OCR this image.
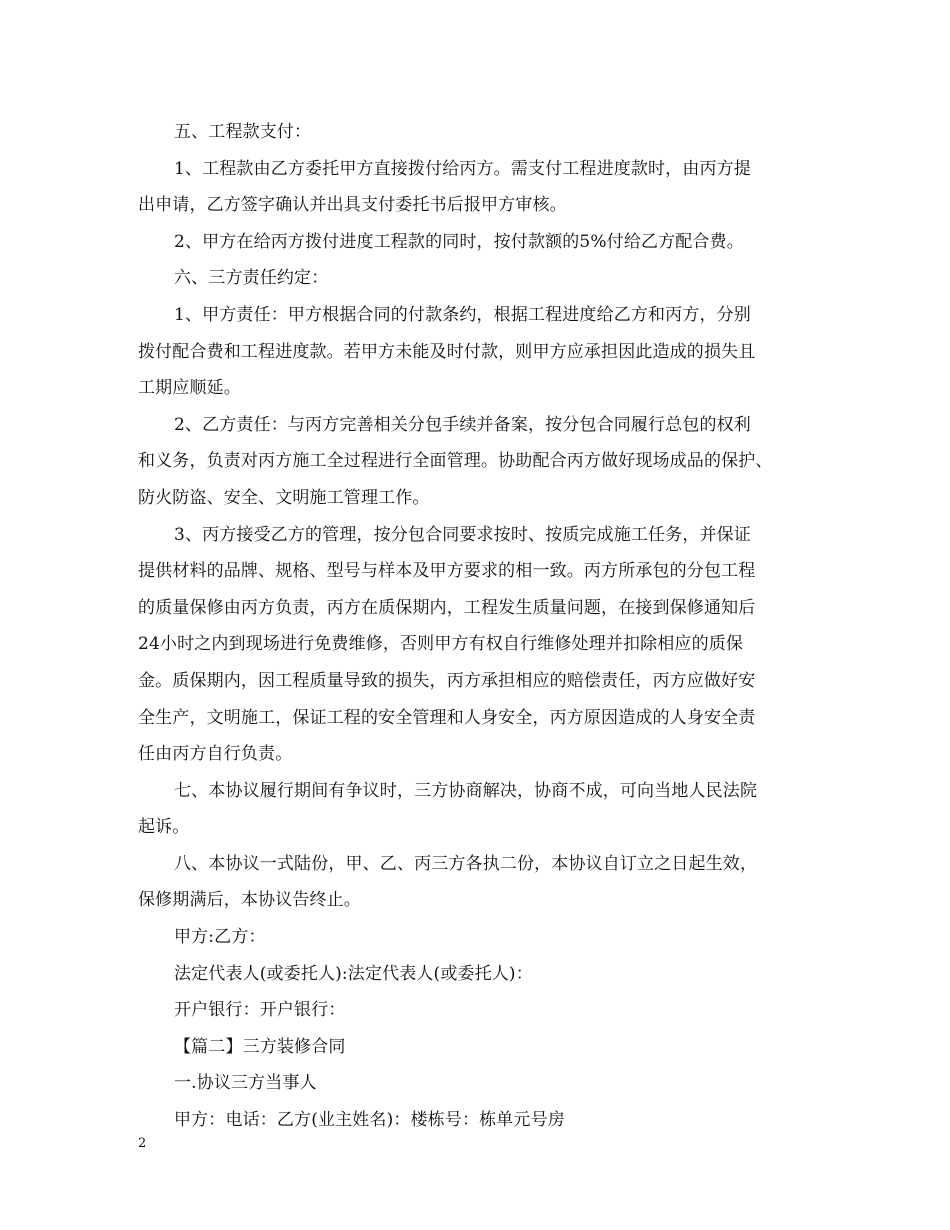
五、工程款支付：
1、工程款由乙方委托甲方直接拨付给丙方。需支付工程进度款时，由丙方提
出申请，乙方签字确认并出具支付委托书后报甲方审核。
2、甲方在给丙方拨付进度工程款的同时，按付款额的5%付给乙方配合费。
六、三方责任约定：
1、甲方责任：甲方根据合同的付款条约，根据工程进度给乙方和丙方，分别
拨付配合费和工程进度款。若甲方未能及时付款，则甲方应承担因此造成的损失且
工期应顺延。
2、乙方责任：与丙方完善相关分包手续并备案，按分包合同履行总包的权利
和义务，负责对丙方施工全过程进行全面管理。协助配合丙方做好现场成品的保护、
防火防盗、安全、文明施工管理工作。
3、丙方接受乙方的管理，按分包合同要求按时、按质完成施工任务，并保证
提供材料的品牌、规格、型号与样本及甲方要求的相一致。丙方所承包的分包工程
的质量保修由丙方负责，丙方在质保期内，工程发生质量问题，在接到保修通知后
24小时之内到现场进行免费维修，否则甲方有权自行维修处理并扣除相应的质保
金。质保期内，因工程质量导致的损失，丙方承担相应的赔偿责任，丙方应做好安
全生产，文明施工，保证工程的安全管理和人身安全，丙方原因造成的人身安全责
任由丙方自行负责。
七、本协议履行期间有争议时，三方协商解决，协商不成，可向当地人民法院
起诉。
八、本协议一式陆份，甲、乙、丙三方各执二份，本协议自订立之日起生效，
保修期满后，本协议告终止。
甲方:乙方：
法定代表人(或委托人):法定代表人(或委托人)：
开户银行：开户银行：
【篇二】三方装修合同
一.协议三方当事人
甲方：电话：乙方(业主姓名)：楼栋号：栋单元号房
2
